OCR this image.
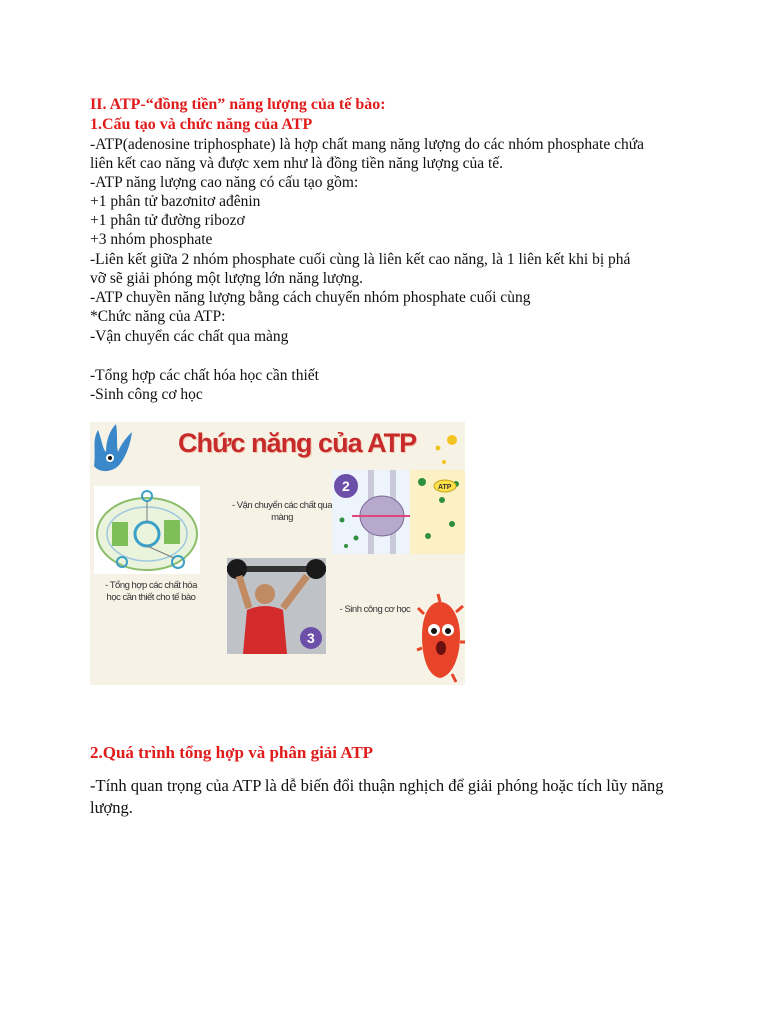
II. ATP-“đồng tiền” năng lượng của tế bào:
1.Cấu tạo và chức năng của ATP
-ATP(adenosine triphosphate) là hợp chất mang năng lượng do các nhóm phosphate chứa
liên kết cao năng và được xem như là đồng tiền năng lượng của tế.
-ATP năng lượng cao năng có cấu tạo gồm:
+1 phân tử bazơnitơ ađênin
+1 phân tử đường ribozơ
+3 nhóm phosphate
-Liên kết giữa 2 nhóm phosphate cuối cùng là liên kết cao năng, là 1 liên kết khi bị phá
vỡ sẽ giải phóng một lượng lớn năng lượng.
-ATP chuyền năng lượng bằng cách chuyển nhóm phosphate cuối cùng
*Chức năng của ATP:
-Vận chuyển các chất qua màng
-Tổng hợp các chất hóa học cần thiết
-Sinh công cơ học
Chức năng của ATP
- Tổng hợp các chất hóa học cần thiết cho tế bào
- Vận chuyển các chất qua màng
2	ATP
3
- Sinh công cơ học
2.Quá trình tổng hợp và phân giải ATP
-Tính quan trọng của ATP là dễ biến đổi thuận nghịch để giải phóng hoặc tích lũy năng lượng.
